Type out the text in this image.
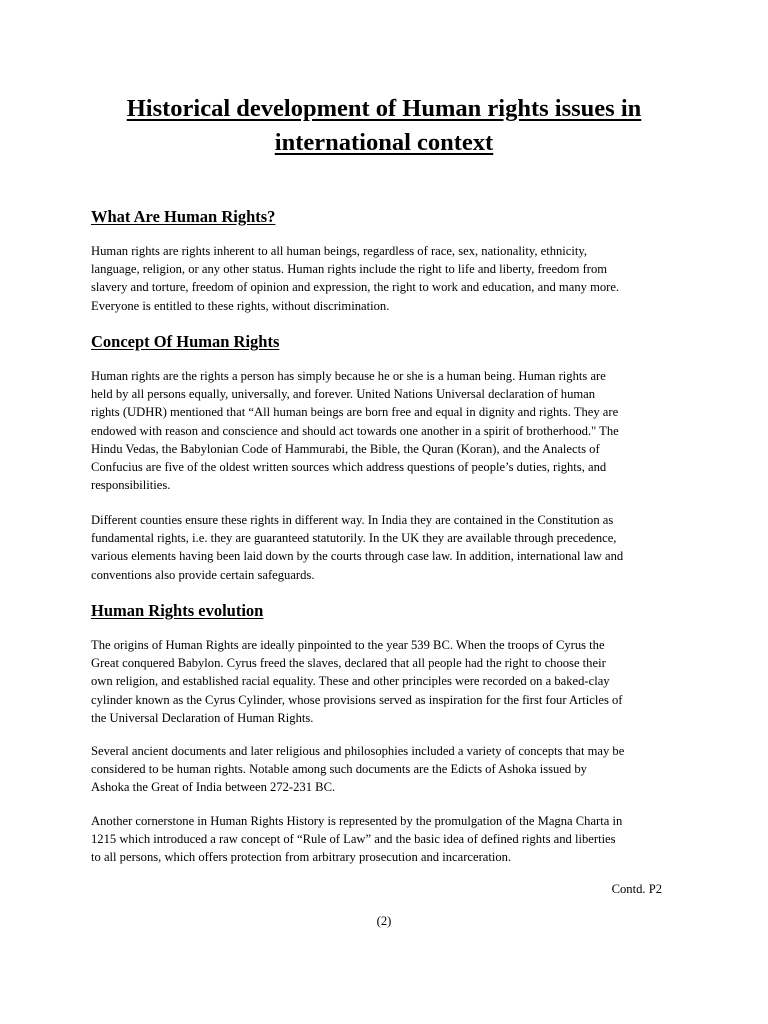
Historical development of Human rights issues in
international context
What Are Human Rights?
Human rights are rights inherent to all human beings, regardless of race, sex, nationality, ethnicity,
language, religion, or any other status. Human rights include the right to life and liberty, freedom from
slavery and torture, freedom of opinion and expression, the right to work and education, and many more.
Everyone is entitled to these rights, without discrimination.
Concept Of Human Rights
Human rights are the rights a person has simply because he or she is a human being. Human rights are
held by all persons equally, universally, and forever. United Nations Universal declaration of human
rights (UDHR) mentioned that “All human beings are born free and equal in dignity and rights. They are
endowed with reason and conscience and should act towards one another in a spirit of brotherhood." The
Hindu Vedas, the Babylonian Code of Hammurabi, the Bible, the Quran (Koran), and the Analects of
Confucius are five of the oldest written sources which address questions of people’s duties, rights, and
responsibilities.
Different counties ensure these rights in different way. In India they are contained in the Constitution as
fundamental rights, i.e. they are guaranteed statutorily. In the UK they are available through precedence,
various elements having been laid down by the courts through case law. In addition, international law and
conventions also provide certain safeguards.
Human Rights evolution
The origins of Human Rights are ideally pinpointed to the year 539 BC. When the troops of Cyrus the
Great conquered Babylon. Cyrus freed the slaves, declared that all people had the right to choose their
own religion, and established racial equality. These and other principles were recorded on a baked-clay
cylinder known as the Cyrus Cylinder, whose provisions served as inspiration for the first four Articles of
the Universal Declaration of Human Rights.
Several ancient documents and later religious and philosophies included a variety of concepts that may be
considered to be human rights. Notable among such documents are the Edicts of Ashoka issued by
Ashoka the Great of India between 272-231 BC.
Another cornerstone in Human Rights History is represented by the promulgation of the Magna Charta in
1215 which introduced a raw concept of “Rule of Law” and the basic idea of defined rights and liberties
to all persons, which offers protection from arbitrary prosecution and incarceration.
Contd. P2
(2)
